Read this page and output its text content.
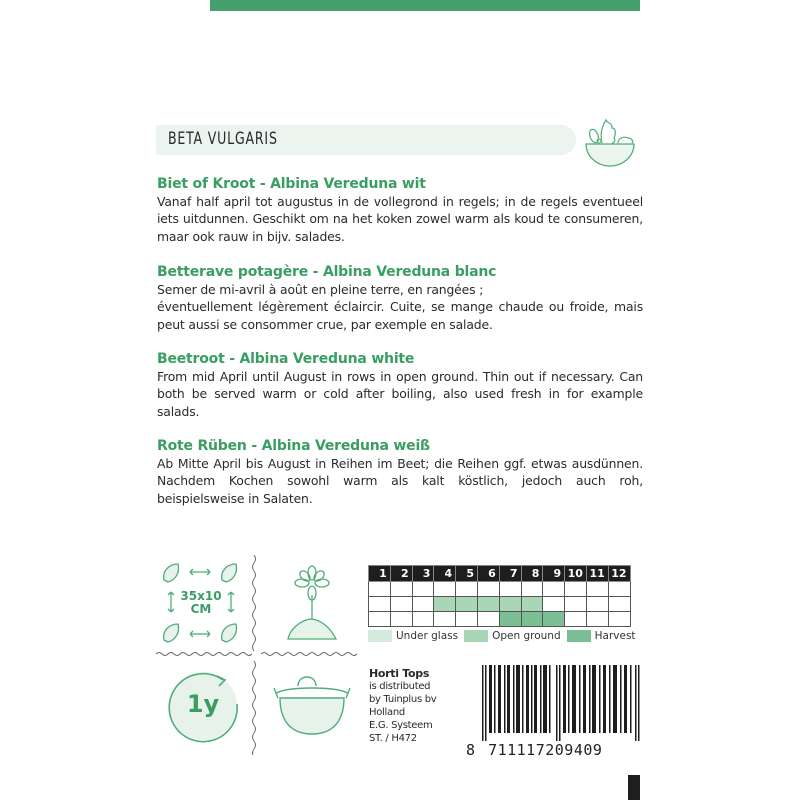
BETA VULGARIS

Biet of Kroot - Albina Vereduna wit

Vanaf half april tot augustus in de vollegrond in regels; in de regels eventueel iets uitdunnen. Geschikt om na het koken zowel warm als koud te consumeren, maar ook rauw in bijv. salades.

Betterave potagère - Albina Vereduna blanc

Semer de mi-avril à août en pleine terre, en rangées ;

éventuellement légèrement éclaircir. Cuite, se mange chaude ou froide, mais peut aussi se consommer crue, par exemple en salade.

Beetroot - Albina Vereduna white

From mid April until August in rows in open ground. Thin out if necessary. Can both be served warm or cold after boiling, also used fresh in for example salads.

Rote Rüben - Albina Vereduna weiß

Ab Mitte April bis August in Reihen im Beet; die Reihen ggf. etwas ausdünnen. Nachdem Kochen sowohl warm als kalt köstlich, jedoch auch roh, beispielsweise in Salaten.

35x10
CM
1y
1	2	3	4	5	6	7	8	9	10	11	12

Under glass	Open ground	Harvest
Horti Tops
is distributed
by Tuinplus bv
Holland
E.G. Systeem
ST. / H472
8 711117209409
